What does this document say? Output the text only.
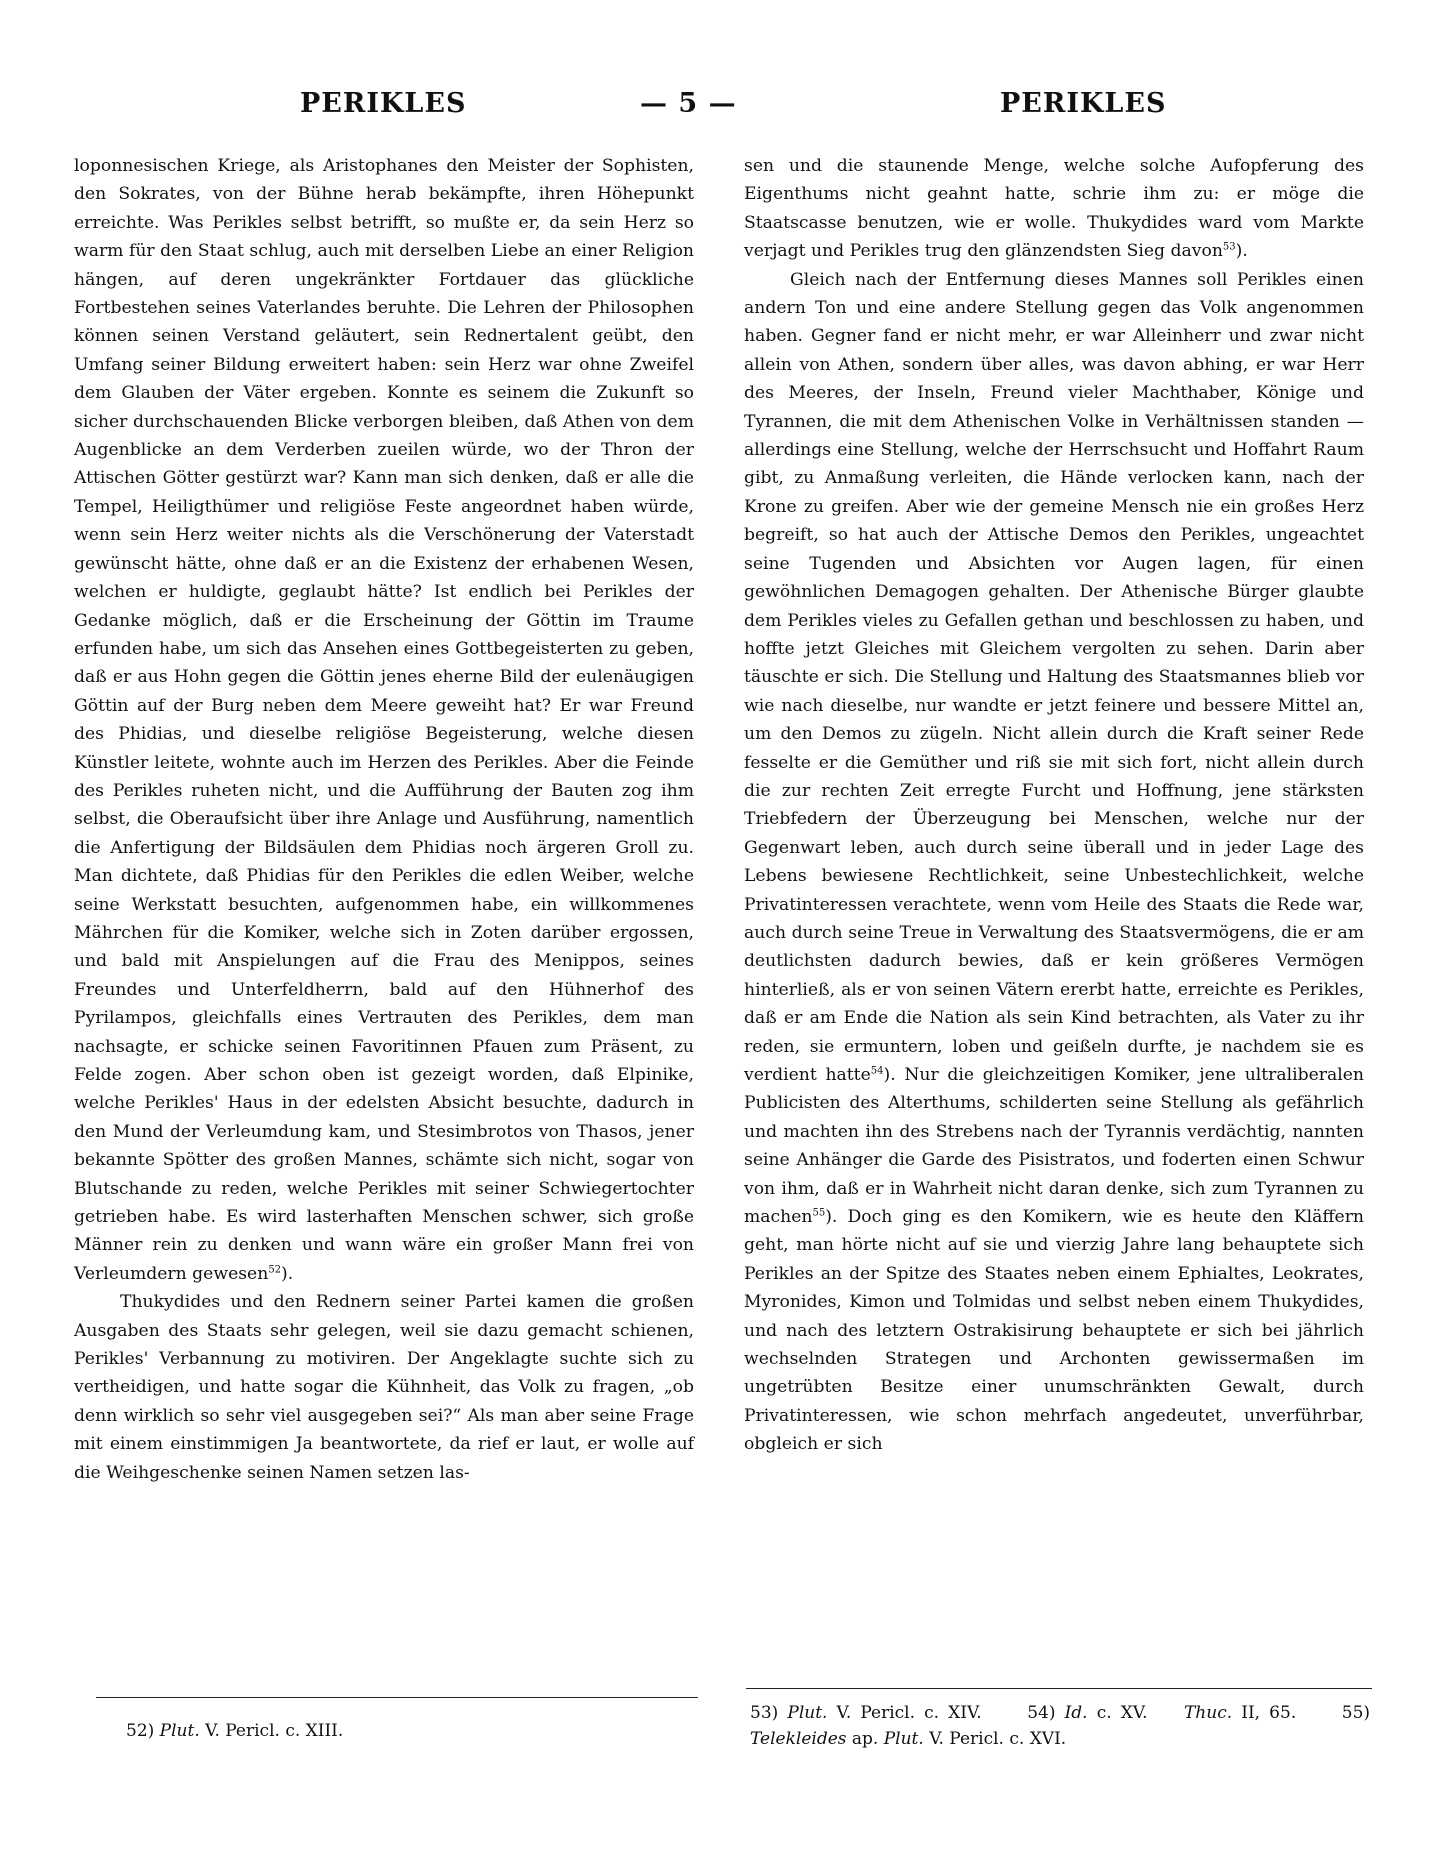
PERIKLES	— 5 —	PERIKLES

loponnesischen Kriege, als Aristophanes den Meister der Sophisten, den Sokrates, von der Bühne herab bekämpfte, ihren Höhepunkt erreichte. Was Perikles selbst betrifft, so mußte er, da sein Herz so warm für den Staat schlug, auch mit derselben Liebe an einer Religion hängen, auf deren ungekränkter Fortdauer das glückliche Fortbestehen seines Vaterlandes beruhte. Die Lehren der Philosophen können seinen Verstand geläutert, sein Rednertalent geübt, den Umfang seiner Bildung erweitert haben: sein Herz war ohne Zweifel dem Glauben der Väter ergeben. Konnte es seinem die Zukunft so sicher durchschauenden Blicke verborgen bleiben, daß Athen von dem Augenblicke an dem Verderben zueilen würde, wo der Thron der Attischen Götter gestürzt war? Kann man sich denken, daß er alle die Tempel, Heiligthümer und religiöse Feste angeordnet haben würde, wenn sein Herz weiter nichts als die Verschönerung der Vaterstadt gewünscht hätte, ohne daß er an die Existenz der erhabenen Wesen, welchen er huldigte, geglaubt hätte? Ist endlich bei Perikles der Gedanke möglich, daß er die Erscheinung der Göttin im Traume erfunden habe, um sich das Ansehen eines Gottbegeisterten zu geben, daß er aus Hohn gegen die Göttin jenes eherne Bild der eulenäugigen Göttin auf der Burg neben dem Meere geweiht hat? Er war Freund des Phidias, und dieselbe religiöse Begeisterung, welche diesen Künstler leitete, wohnte auch im Herzen des Perikles. Aber die Feinde des Perikles ruheten nicht, und die Aufführung der Bauten zog ihm selbst, die Oberaufsicht über ihre Anlage und Ausführung, namentlich die Anfertigung der Bildsäulen dem Phidias noch ärgeren Groll zu. Man dichtete, daß Phidias für den Perikles die edlen Weiber, welche seine Werkstatt besuchten, aufgenommen habe, ein willkommenes Mährchen für die Komiker, welche sich in Zoten darüber ergossen, und bald mit Anspielungen auf die Frau des Menippos, seines Freundes und Unterfeldherrn, bald auf den Hühnerhof des Pyrilampos, gleichfalls eines Vertrauten des Perikles, dem man nachsagte, er schicke seinen Favoritinnen Pfauen zum Präsent, zu Felde zogen. Aber schon oben ist gezeigt worden, daß Elpinike, welche Perikles' Haus in der edelsten Absicht besuchte, dadurch in den Mund der Verleumdung kam, und Stesimbrotos von Thasos, jener bekannte Spötter des großen Mannes, schämte sich nicht, sogar von Blutschande zu reden, welche Perikles mit seiner Schwiegertochter getrieben habe. Es wird lasterhaften Menschen schwer, sich große Männer rein zu denken und wann wäre ein großer Mann frei von Verleumdern gewesen$^{52}$).

Thukydides und den Rednern seiner Partei kamen die großen Ausgaben des Staats sehr gelegen, weil sie dazu gemacht schienen, Perikles' Verbannung zu motiviren. Der Angeklagte suchte sich zu vertheidigen, und hatte sogar die Kühnheit, das Volk zu fragen, „ob denn wirklich so sehr viel ausgegeben sei?“ Als man aber seine Frage mit einem einstimmigen Ja beantwortete, da rief er laut, er wolle auf die Weihgeschenke seinen Namen setzen las-

sen und die staunende Menge, welche solche Aufopferung des Eigenthums nicht geahnt hatte, schrie ihm zu: er möge die Staatscasse benutzen, wie er wolle. Thukydides ward vom Markte verjagt und Perikles trug den glänzendsten Sieg davon$^{53}$).

Gleich nach der Entfernung dieses Mannes soll Perikles einen andern Ton und eine andere Stellung gegen das Volk angenommen haben. Gegner fand er nicht mehr, er war Alleinherr und zwar nicht allein von Athen, sondern über alles, was davon abhing, er war Herr des Meeres, der Inseln, Freund vieler Machthaber, Könige und Tyrannen, die mit dem Athenischen Volke in Verhältnissen standen — allerdings eine Stellung, welche der Herrschsucht und Hoffahrt Raum gibt, zu Anmaßung verleiten, die Hände verlocken kann, nach der Krone zu greifen. Aber wie der gemeine Mensch nie ein großes Herz begreift, so hat auch der Attische Demos den Perikles, ungeachtet seine Tugenden und Absichten vor Augen lagen, für einen gewöhnlichen Demagogen gehalten. Der Athenische Bürger glaubte dem Perikles vieles zu Gefallen gethan und beschlossen zu haben, und hoffte jetzt Gleiches mit Gleichem vergolten zu sehen. Darin aber täuschte er sich. Die Stellung und Haltung des Staatsmannes blieb vor wie nach dieselbe, nur wandte er jetzt feinere und bessere Mittel an, um den Demos zu zügeln. Nicht allein durch die Kraft seiner Rede fesselte er die Gemüther und riß sie mit sich fort, nicht allein durch die zur rechten Zeit erregte Furcht und Hoffnung, jene stärksten Triebfedern der Überzeugung bei Menschen, welche nur der Gegenwart leben, auch durch seine überall und in jeder Lage des Lebens bewiesene Rechtlichkeit, seine Unbestechlichkeit, welche Privatinteressen verachtete, wenn vom Heile des Staats die Rede war, auch durch seine Treue in Verwaltung des Staatsvermögens, die er am deutlichsten dadurch bewies, daß er kein größeres Vermögen hinterließ, als er von seinen Vätern ererbt hatte, erreichte es Perikles, daß er am Ende die Nation als sein Kind betrachten, als Vater zu ihr reden, sie ermuntern, loben und geißeln durfte, je nachdem sie es verdient hatte$^{54}$). Nur die gleichzeitigen Komiker, jene ultraliberalen Publicisten des Alterthums, schilderten seine Stellung als gefährlich und machten ihn des Strebens nach der Tyrannis verdächtig, nannten seine Anhänger die Garde des Pisistratos, und foderten einen Schwur von ihm, daß er in Wahrheit nicht daran denke, sich zum Tyrannen zu machen$^{55}$). Doch ging es den Komikern, wie es heute den Kläffern geht, man hörte nicht auf sie und vierzig Jahre lang behauptete sich Perikles an der Spitze des Staates neben einem Ephialtes, Leokrates, Myronides, Kimon und Tolmidas und selbst neben einem Thukydides, und nach des letztern Ostrakisirung behauptete er sich bei jährlich wechselnden Strategen und Archonten gewissermaßen im ungetrübten Besitze einer unumschränkten Gewalt, durch Privatinteressen, wie schon mehrfach angedeutet, unverführbar, obgleich er sich

52) Plut. V. Pericl. c. XIII.
53) Plut. V. Pericl. c. XIV.	54) Id. c. XV. Thuc. II, 65.	55) Telekleides ap. Plut. V. Pericl. c. XVI.
